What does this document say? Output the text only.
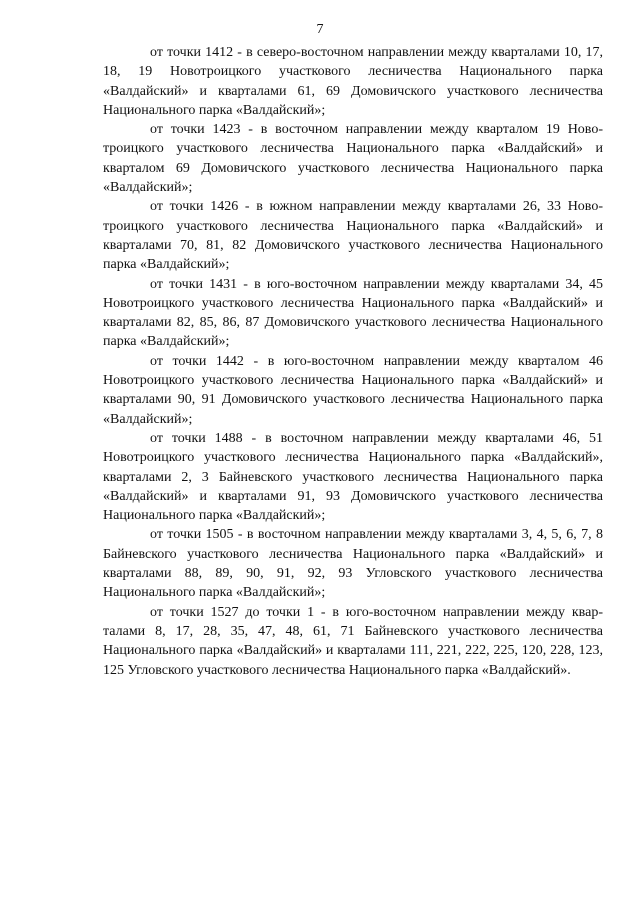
7

от точки 1412 - в северо-восточном направлении между кварталами 10, 17, 18, 19 Новотроицкого участкового лесничества Национального парка «Валдайский» и кварталами 61, 69 Домовичского участкового лесничества Национального парка «Валдайский»;

от точки 1423 - в восточном направлении между кварталом 19 Новотроицкого участкового лесничества Национального парка «Валдайский» и кварталом 69 Домовичского участкового лесничества Национального парка «Валдайский»;

от точки 1426 - в южном направлении между кварталами 26, 33 Новотроицкого участкового лесничества Национального парка «Валдайский» и кварталами 70, 81, 82 Домовичского участкового лесничества Национального парка «Валдайский»;

от точки 1431 - в юго-восточном направлении между кварталами 34, 45 Новотроицкого участкового лесничества Национального парка «Валдайский» и кварталами 82, 85, 86, 87 Домовичского участкового лесничества Национального парка «Валдайский»;

от точки 1442 - в юго-восточном направлении между кварталом 46 Новотроицкого участкового лесничества Национального парка «Валдайский» и кварталами 90, 91 Домовичского участкового лесничества Национального парка «Валдайский»;

от точки 1488 - в восточном направлении между кварталами 46, 51 Новотроицкого участкового лесничества Национального парка «Валдайский», кварталами 2, 3 Байневского участкового лесничества Национального парка «Валдайский» и кварталами 91, 93 Домовичского участкового лесничества Национального парка «Валдайский»;

от точки 1505 - в восточном направлении между кварталами 3, 4, 5, 6, 7, 8 Байневского участкового лесничества Национального парка «Валдайский» и кварталами 88, 89, 90, 91, 92, 93 Угловского участкового лесничества Национального парка «Валдайский»;

от точки 1527 до точки 1 - в юго-восточном направлении между кварталами 8, 17, 28, 35, 47, 48, 61, 71 Байневского участкового лесничества Национального парка «Валдайский» и кварталами 111, 221, 222, 225, 120, 228, 123, 125 Угловского участкового лесничества Национального парка «Валдайский».
